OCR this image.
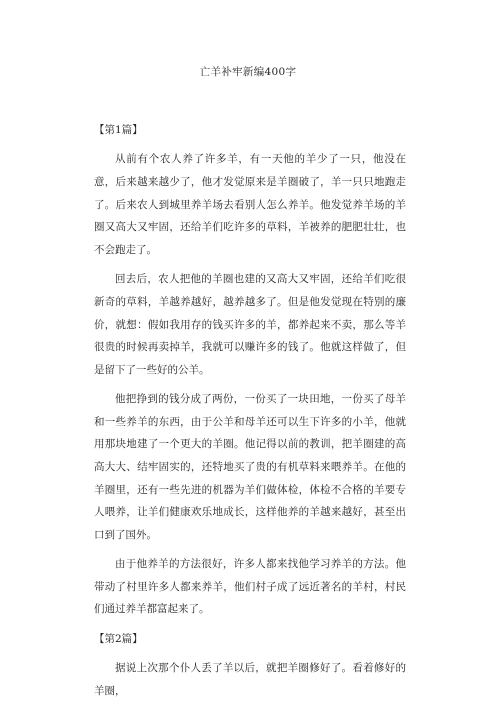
亡羊补牢新编400字

【第1篇】

从前有个农人养了许多羊，有一天他的羊少了一只，他没在意，后来越来越少了，他才发觉原来是羊圈破了，羊一只只地跑走了。后来农人到城里养羊场去看别人怎么养羊。他发觉养羊场的羊圈又高大又牢固，还给羊们吃许多的草料，羊被养的肥肥壮壮，也不会跑走了。

回去后，农人把他的羊圈也建的又高大又牢固，还给羊们吃很新奇的草料，羊越养越好，越养越多了。但是他发觉现在特别的廉价，就想：假如我用存的钱买许多的羊，都养起来不卖，那么等羊很贵的时候再卖掉羊，我就可以赚许多的钱了。他就这样做了，但是留下了一些好的公羊。

他把挣到的钱分成了两份，一份买了一块田地，一份买了母羊和一些养羊的东西，由于公羊和母羊还可以生下许多的小羊，他就用那块地建了一个更大的羊圈。他记得以前的教训，把羊圈建的高高大大、结牢固实的，还特地买了贵的有机草料来喂养羊。在他的羊圈里，还有一些先进的机器为羊们做体检，体检不合格的羊要专人喂养，让羊们健康欢乐地成长，这样他养的羊越来越好，甚至出口到了国外。

由于他养羊的方法很好，许多人都来找他学习养羊的方法。他带动了村里许多人都来养羊，他们村子成了远近著名的羊村，村民们通过养羊都富起来了。

【第2篇】

据说上次那个仆人丢了羊以后，就把羊圈修好了。看着修好的羊圈，
